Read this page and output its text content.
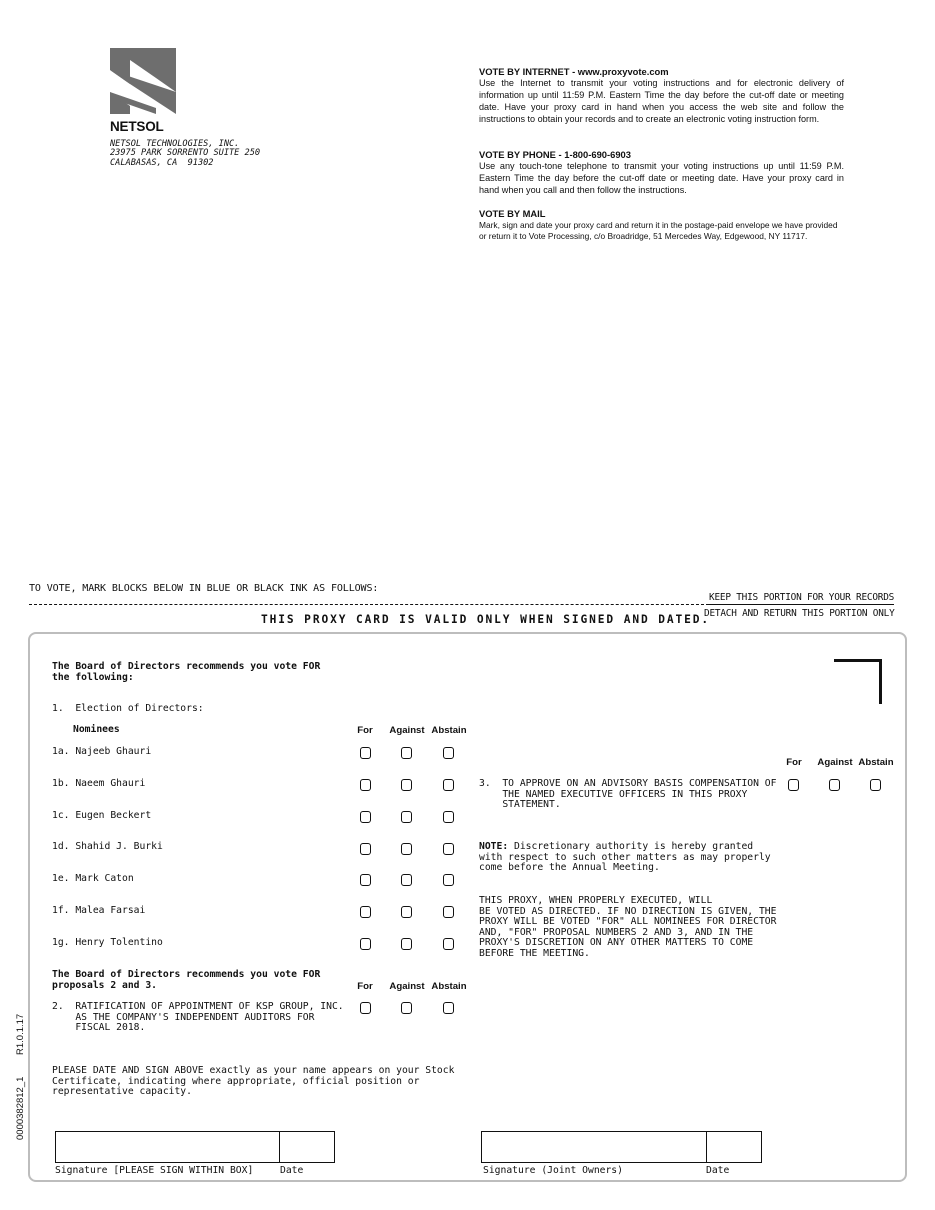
NETSOL
NETSOL TECHNOLOGIES, INC.
23975 PARK SORRENTO SUITE 250
CALABASAS, CA  91302
VOTE BY INTERNET - www.proxyvote.com
Use the Internet to transmit your voting instructions and for electronic delivery of information up until 11:59 P.M. Eastern Time the day before the cut-off date or meeting date. Have your proxy card in hand when you access the web site and follow the instructions to obtain your records and to create an electronic voting instruction form.
VOTE BY PHONE - 1-800-690-6903
Use any touch-tone telephone to transmit your voting instructions up until 11:59 P.M. Eastern Time the day before the cut-off date or meeting date. Have your proxy card in hand when you call and then follow the instructions.
VOTE BY MAIL
Mark, sign and date your proxy card and return it in the postage-paid envelope we have provided or return it to Vote Processing, c/o Broadridge, 51 Mercedes Way, Edgewood, NY 11717.
TO VOTE, MARK BLOCKS BELOW IN BLUE OR BLACK INK AS FOLLOWS:
KEEP THIS PORTION FOR YOUR RECORDS
DETACH AND RETURN THIS PORTION ONLY
THIS PROXY CARD IS VALID ONLY WHEN SIGNED AND DATED.
The Board of Directors recommends you vote FOR
the following:
1.  Election of Directors:
Nominees	For	Against Abstain
1a. Najeeb Ghauri
1b. Naeem Ghauri
1c. Eugen Beckert
1d. Shahid J. Burki
1e. Mark Caton
1f. Malea Farsai
1g. Henry Tolentino
The Board of Directors recommends you vote FOR
proposals 2 and 3.	For	Against Abstain
2.  RATIFICATION OF APPOINTMENT OF KSP GROUP, INC.
AS THE COMPANY'S INDEPENDENT AUDITORS FOR
FISCAL 2018.
For	Against Abstain
3.  TO APPROVE ON AN ADVISORY BASIS COMPENSATION OF
THE NAMED EXECUTIVE OFFICERS IN THIS PROXY
STATEMENT.
NOTE: Discretionary authority is hereby granted
with respect to such other matters as may properly
come before the Annual Meeting.
THIS PROXY, WHEN PROPERLY EXECUTED, WILL
BE VOTED AS DIRECTED. IF NO DIRECTION IS GIVEN, THE
PROXY WILL BE VOTED "FOR" ALL NOMINEES FOR DIRECTOR
AND, "FOR" PROPOSAL NUMBERS 2 AND 3, AND IN THE
PROXY'S DISCRETION ON ANY OTHER MATTERS TO COME
BEFORE THE MEETING.
PLEASE DATE AND SIGN ABOVE exactly as your name appears on your Stock
Certificate, indicating where appropriate, official position or
representative capacity.
Signature [PLEASE SIGN WITHIN BOX]	Date	Signature (Joint Owners)	Date
0000382812_1
R1.0.1.17
